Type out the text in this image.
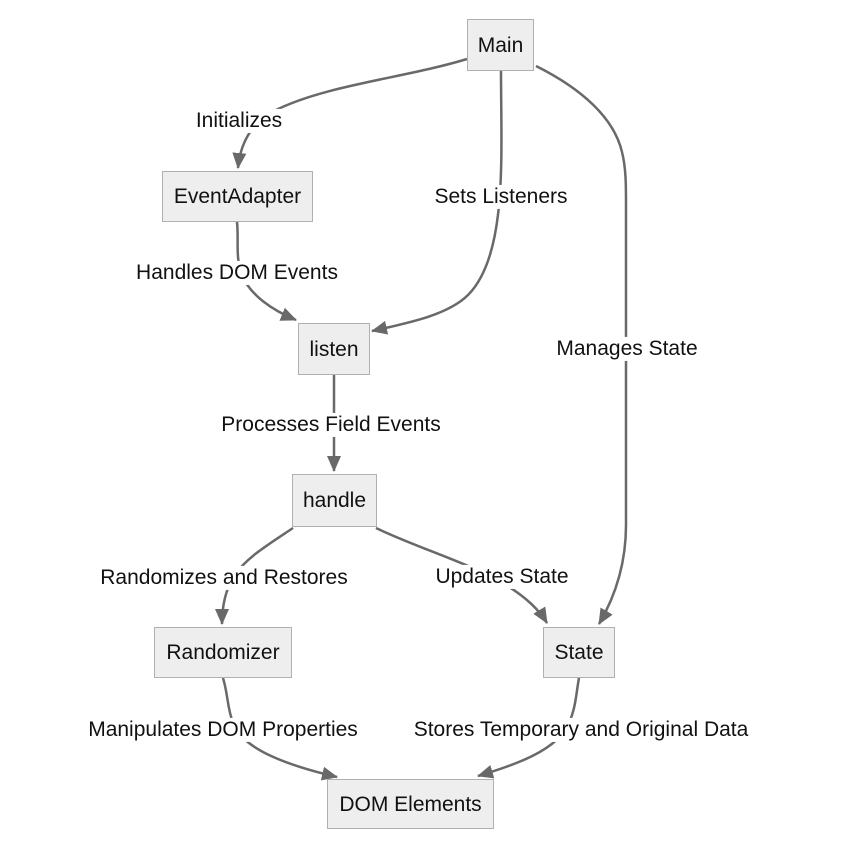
Initializes
Sets Listeners
Manages State
Handles DOM Events
Processes Field Events
Randomizes and Restores	Updates State
Manipulates DOM Properties	Stores Temporary and Original Data
Main
EventAdapter
listen
handle
Randomizer	State
DOM Elements
